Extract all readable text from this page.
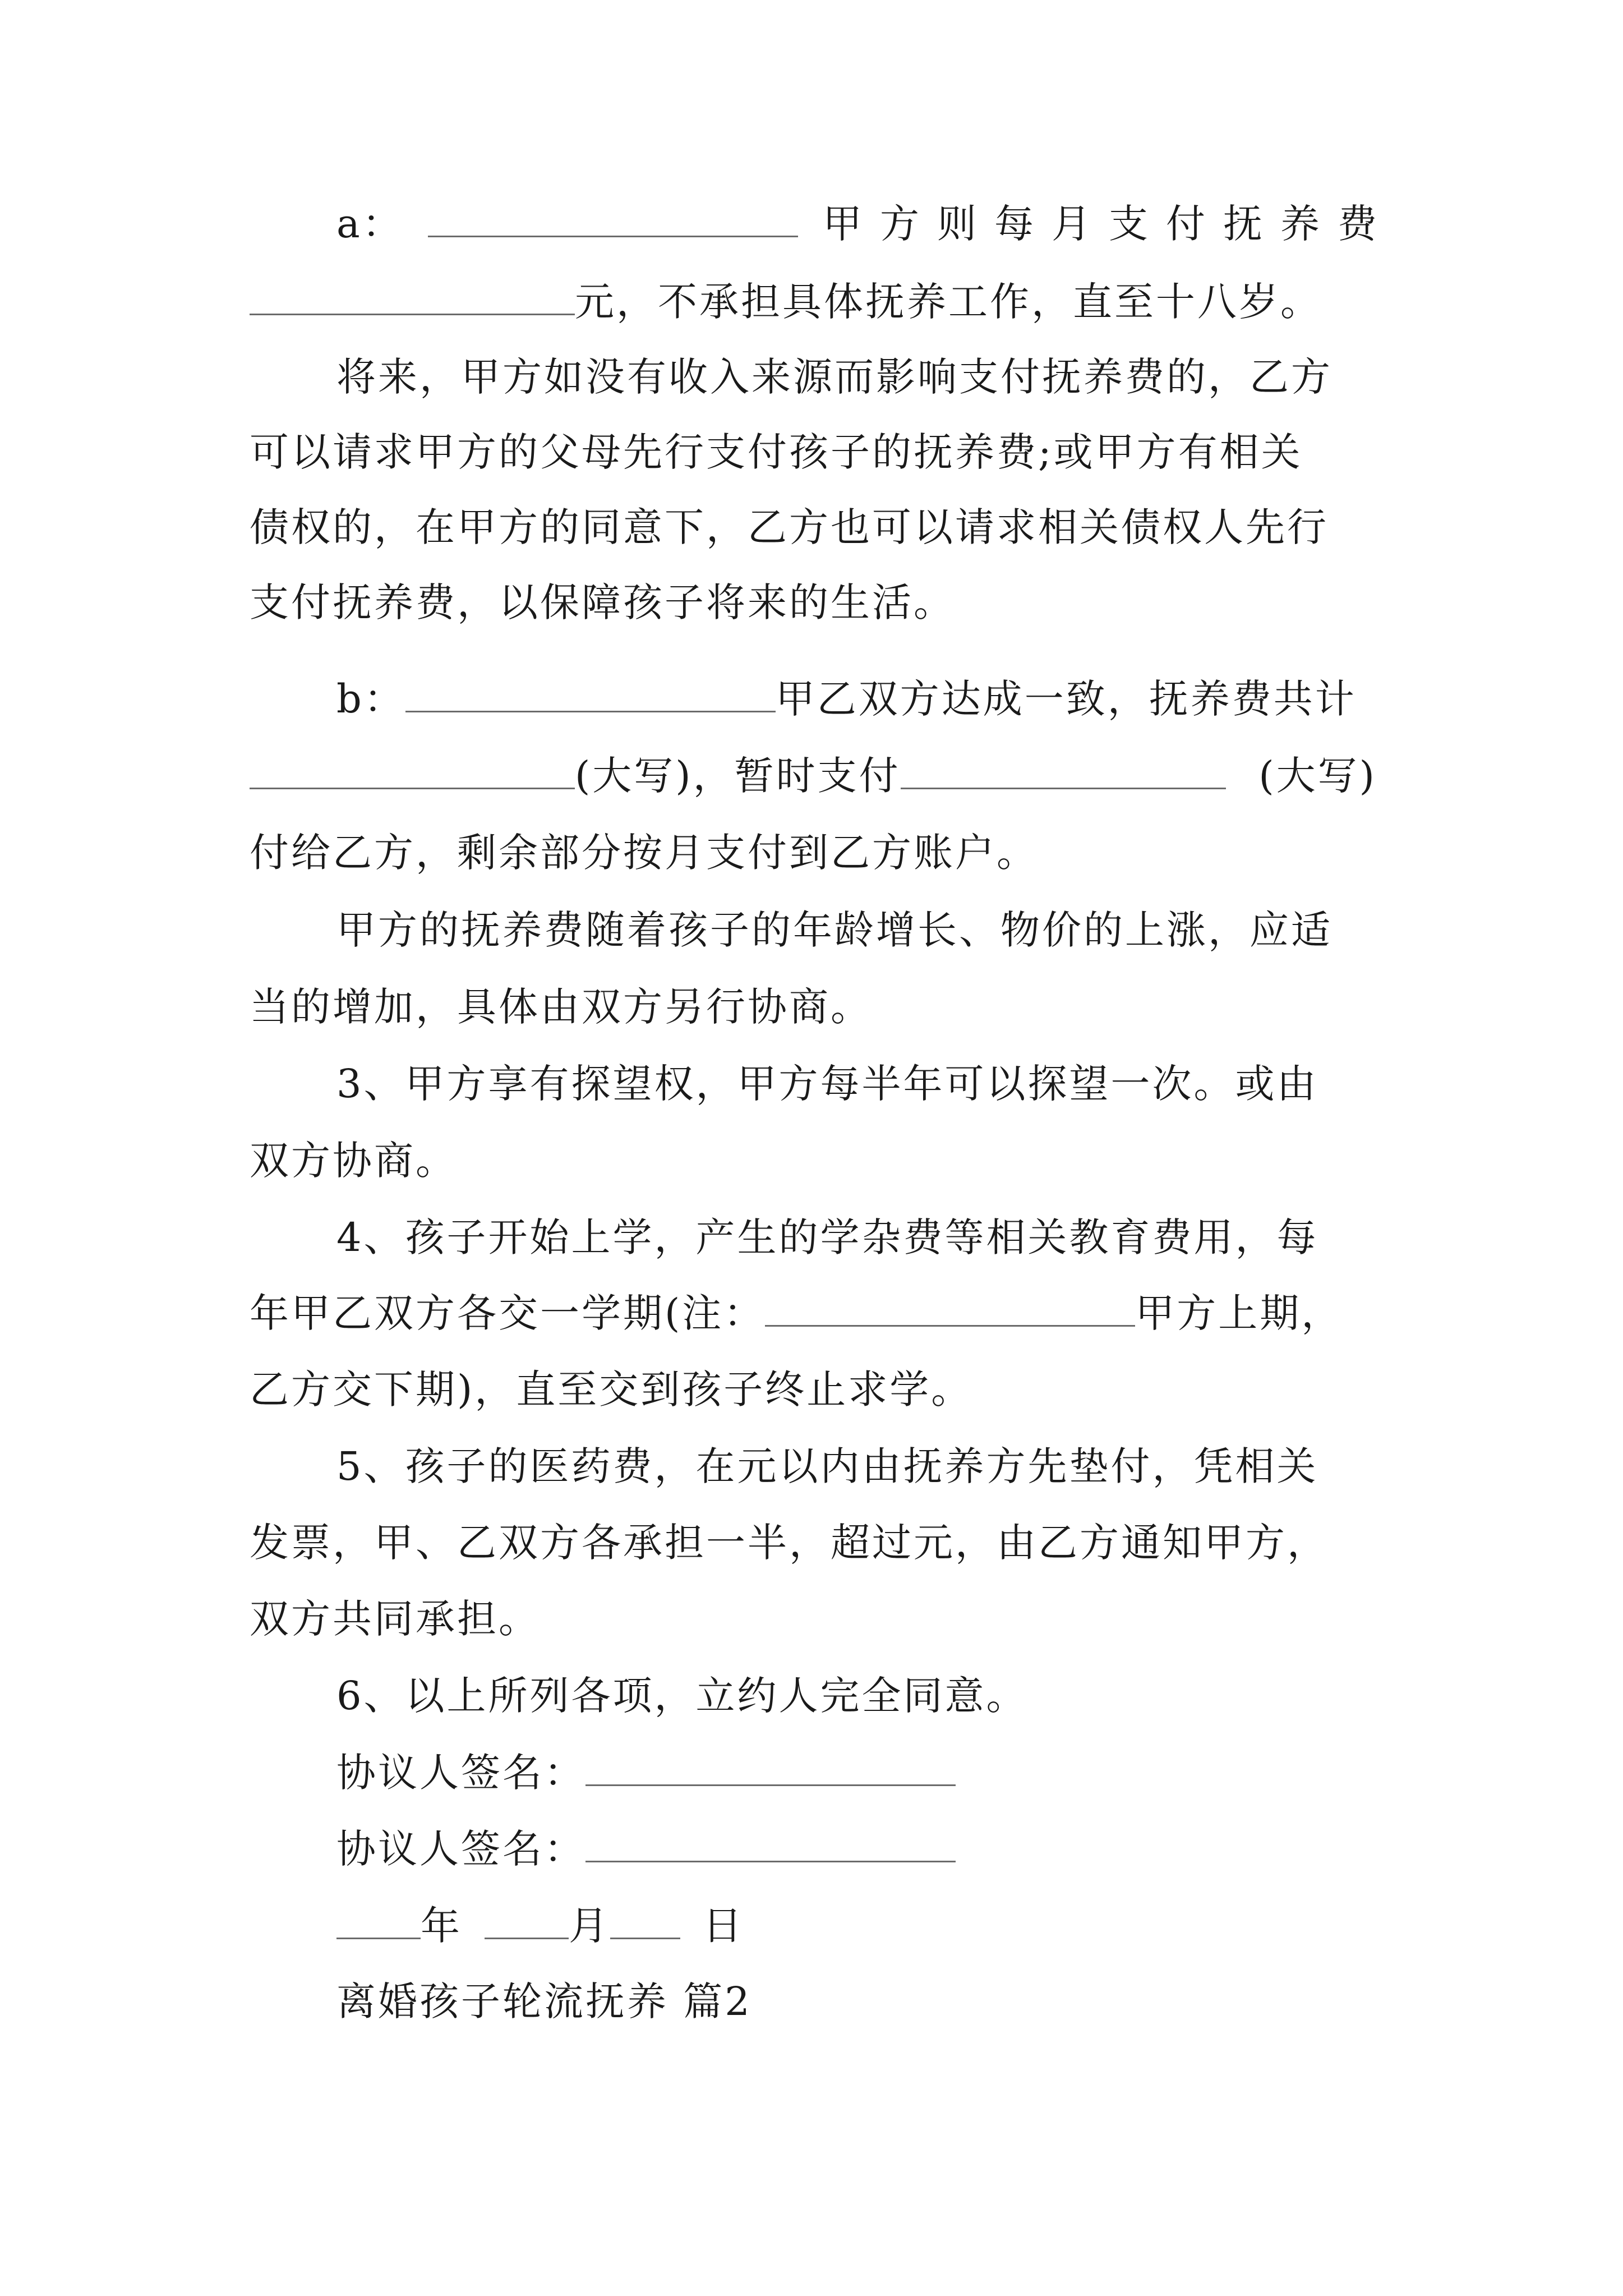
a：	甲方则每月支付抚养费
元，不承担具体抚养工作，直至十八岁。
将来，甲方如没有收入来源而影响支付抚养费的，乙方
可以请求甲方的父母先行支付孩子的抚养费;或甲方有相关
债权的，在甲方的同意下，乙方也可以请求相关债权人先行
支付抚养费，以保障孩子将来的生活。
b：	甲乙双方达成一致，抚养费共计
(大写)，暂时支付	(大写)
付给乙方，剩余部分按月支付到乙方账户。
甲方的抚养费随着孩子的年龄增长、物价的上涨，应适
当的增加，具体由双方另行协商。
3、甲方享有探望权，甲方每半年可以探望一次。或由
双方协商。
4、孩子开始上学，产生的学杂费等相关教育费用，每
年甲乙双方各交一学期(注：	甲方上期，
乙方交下期)，直至交到孩子终止求学。
5、孩子的医药费，在元以内由抚养方先垫付，凭相关
发票，甲、乙双方各承担一半，超过元，由乙方通知甲方，
双方共同承担。
6、以上所列各项，立约人完全同意。
协议人签名：
协议人签名：
年	月 日
离婚孩子轮流抚养 篇2
